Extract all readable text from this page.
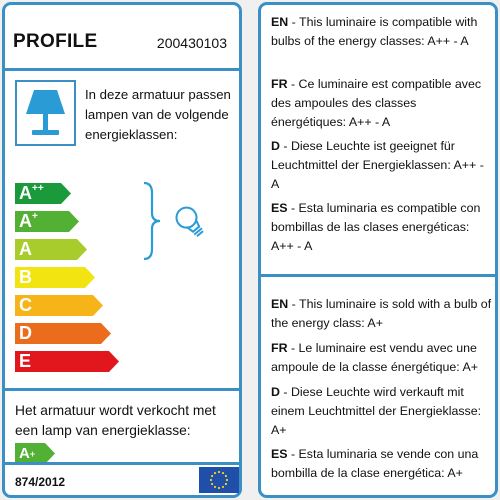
PROFILE	200430103
In deze armatuur passen lampen van de volgende energieklassen:
A++
A+
A
B
C
D
E
Het armatuur wordt verkocht met een lamp van energieklasse:
A+
874/2012
EN - This luminaire is compatible with bulbs of the energy classes: A++ - A
FR - Ce luminaire est compatible avec des ampoules des classes énergétiques: A++ - A
D - Diese Leuchte ist geeignet für Leuchtmittel der Energieklassen: A++ - A
ES - Esta luminaria es compatible con bombillas de las clases energéticas: A++ - A
EN - This luminaire is sold with a bulb of the energy class: A+
FR - Le luminaire est vendu avec une ampoule de la classe énergétique: A+
D - Diese Leuchte wird verkauft mit einem Leuchtmittel der Energieklasse: A+
ES - Esta luminaria se vende con una bombilla de la clase energética: A+
